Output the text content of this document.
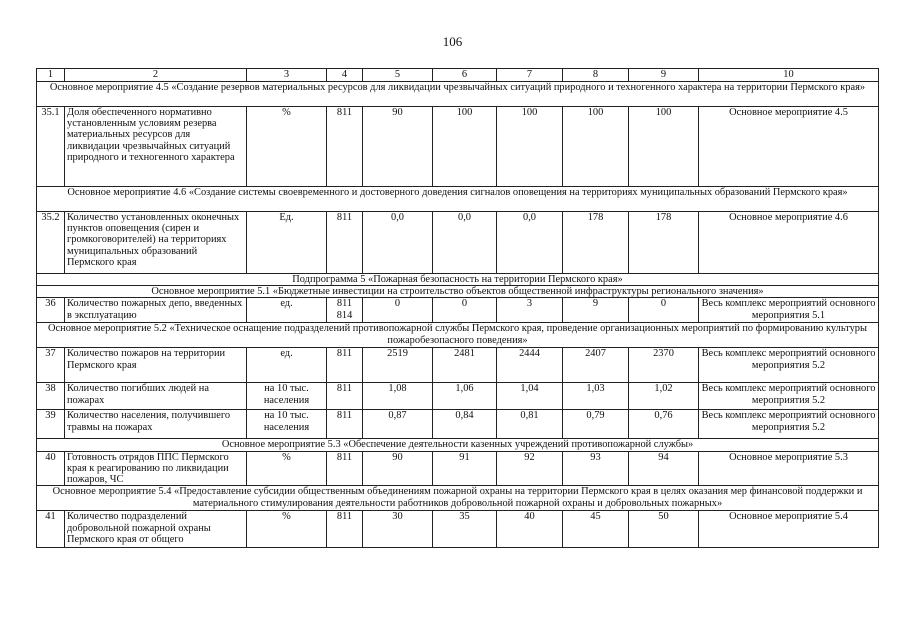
106
1	2	3	4	5	6	7	8	9	10
Основное мероприятие 4.5 «Создание резервов материальных ресурсов для ликвидации чрезвычайных ситуаций природного и техногенного характера на территории Пермского края»									
35.1	Доля обеспеченного нормативно установленным условиям резерва материальных ресурсов для ликвидации чрезвычайных ситуаций природного и техногенного характера	%	811	90	100	100	100	100	Основное мероприятие 4.5
Основное мероприятие 4.6 «Создание системы своевременного и достоверного доведения сигналов оповещения на территориях муниципальных образований Пермского края»									
35.2	Количество установленных оконечных пунктов оповещения (сирен и громкоговорителей) на территориях муниципальных образований Пермского края	Ед.	811	0,0	0,0	0,0	178	178	Основное мероприятие 4.6
Подпрограмма 5 «Пожарная безопасность на территории Пермского края»									
Основное мероприятие 5.1 «Бюджетные инвестиции на строительство объектов общественной инфраструктуры регионального значения»									
36	Количество пожарных депо, введенных в эксплуатацию	ед.	811 814	0	0	3	9	0	Весь комплекс мероприятий основного мероприятия 5.1
Основное мероприятие 5.2 «Техническое оснащение подразделений противопожарной службы Пермского края, проведение организационных мероприятий по формированию культуры пожаробезопасного поведения»									
37	Количество пожаров на территории Пермского края	ед.	811	2519	2481	2444	2407	2370	Весь комплекс мероприятий основного мероприятия 5.2
38	Количество погибших людей на пожарах	на 10 тыс. населения	811	1,08	1,06	1,04	1,03	1,02	Весь комплекс мероприятий основного мероприятия 5.2
39	Количество населения, получившего травмы на пожарах	на 10 тыс. населения	811	0,87	0,84	0,81	0,79	0,76	Весь комплекс мероприятий основного мероприятия 5.2
Основное мероприятие 5.3 «Обеспечение деятельности казенных учреждений противопожарной службы»									
40	Готовность отрядов ППС Пермского края к реагированию по ликвидации пожаров, ЧС	%	811	90	91	92	93	94	Основное мероприятие 5.3
Основное мероприятие 5.4 «Предоставление субсидии общественным объединениям пожарной охраны на территории Пермского края в целях оказания мер финансовой поддержки и материального стимулирования деятельности работников добровольной пожарной охраны и добровольных пожарных»									
41	Количество подразделений добровольной пожарной охраны Пермского края от общего	%	811	30	35	40	45	50	Основное мероприятие 5.4
